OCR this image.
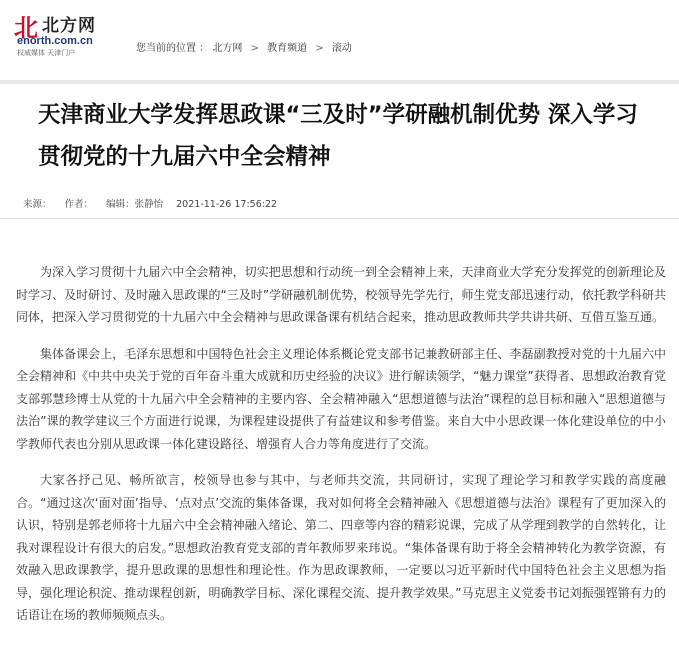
北 北方网
enorth.com.cn
权威媒体 天津门户	您当前的位置 ： 北方网 > 教育频道 > 滚动
天津商业大学发挥思政课“三及时”学研融机制优势 深入学习贯彻党的十九届六中全会精神
来源： 作者： 编辑：张静怡 2021-11-26 17:56:22

为深入学习贯彻十九届六中全会精神，切实把思想和行动统一到全会精神上来，天津商业大学充分发挥党的创新理论及时学习、及时研讨、及时融入思政课的“三及时”学研融机制优势，校领导先学先行，师生党支部迅速行动，依托教学科研共同体，把深入学习贯彻党的十九届六中全会精神与思政课备课有机结合起来，推动思政教师共学共讲共研、互借互鉴互通。

集体备课会上，毛泽东思想和中国特色社会主义理论体系概论党支部书记兼教研部主任、李磊副教授对党的十九届六中全会精神和《中共中央关于党的百年奋斗重大成就和历史经验的决议》进行解读领学，“魅力课堂”获得者、思想政治教育党支部郭慧珍博士从党的十九届六中全会精神的主要内容、全会精神融入“思想道德与法治”课程的总目标和融入“思想道德与法治”课的教学建议三个方面进行说课，为课程建设提供了有益建议和参考借鉴。来自大中小思政课一体化建设单位的中小学教师代表也分别从思政课一体化建设路径、增强育人合力等角度进行了交流。

大家各抒己见、畅所欲言，校领导也参与其中，与老师共交流，共同研讨，实现了理论学习和教学实践的高度融合。“通过这次‘面对面’指导、‘点对点’交流的集体备课，我对如何将全会精神融入《思想道德与法治》课程有了更加深入的认识，特别是郭老师将十九届六中全会精神融入绪论、第二、四章等内容的精彩说课，完成了从学理到教学的自然转化，让我对课程设计有很大的启发。”思想政治教育党支部的青年教师罗来玮说。“集体备课有助于将全会精神转化为教学资源，有效融入思政课教学，提升思政课的思想性和理论性。作为思政课教师，一定要以习近平新时代中国特色社会主义思想为指导，强化理论积淀、推动课程创新，明确教学目标、深化课程交流、提升教学效果。”马克思主义党委书记刘振强铿锵有力的话语让在场的教师频频点头。
